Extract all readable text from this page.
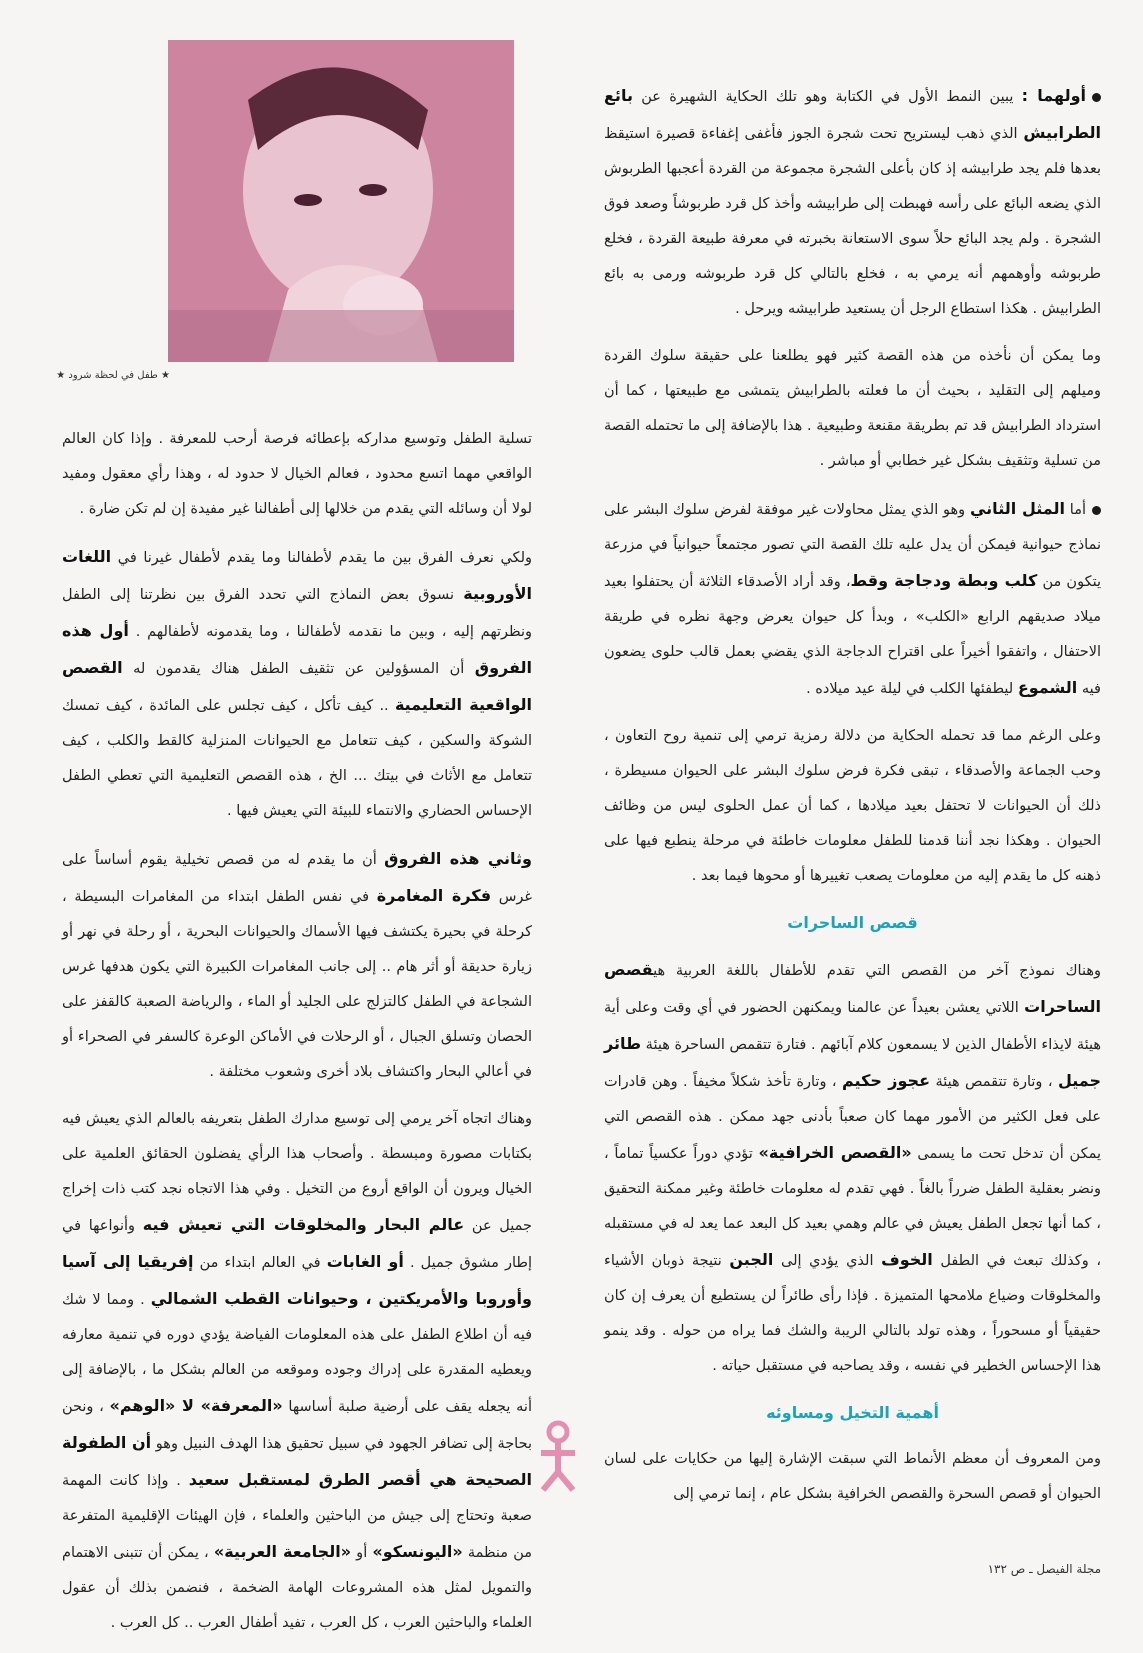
★ طفل في لحظة شرود ★

أولهما : يبين النمط الأول في الكتابة وهو تلك الحكاية الشهيرة عن بائع الطرابيش الذي ذهب ليستريح تحت شجرة الجوز فأغفى إغفاءة قصيرة استيقظ بعدها فلم يجد طرابيشه إذ كان بأعلى الشجرة مجموعة من القردة أعجبها الطربوش الذي يضعه البائع على رأسه فهبطت إلى طرابيشه وأخذ كل قرد طربوشاً وصعد فوق الشجرة . ولم يجد البائع حلاً سوى الاستعانة بخبرته في معرفة طبيعة القردة ، فخلع طربوشه وأوهمهم أنه يرمي به ، فخلع بالتالي كل قرد طربوشه ورمى به بائع الطرابيش . هكذا استطاع الرجل أن يستعيد طرابيشه ويرحل .

وما يمكن أن نأخذه من هذه القصة كثير فهو يطلعنا على حقيقة سلوك القردة وميلهم إلى التقليد ، بحيث أن ما فعلته بالطرابيش يتمشى مع طبيعتها ، كما أن استرداد الطرابيش قد تم بطريقة مقنعة وطبيعية . هذا بالإضافة إلى ما تحتمله القصة من تسلية وتثقيف بشكل غير خطابي أو مباشر .

أما المثل الثاني وهو الذي يمثل محاولات غير موفقة لفرض سلوك البشر على نماذج حيوانية فيمكن أن يدل عليه تلك القصة التي تصور مجتمعاً حيوانياً في مزرعة يتكون من كلب وبطة ودجاجة وقط، وقد أراد الأصدقاء الثلاثة أن يحتفلوا بعيد ميلاد صديقهم الرابع «الكلب» ، وبدأ كل حيوان يعرض وجهة نظره في طريقة الاحتفال ، واتفقوا أخيراً على اقتراح الدجاجة الذي يقضي بعمل قالب حلوى يضعون فيه الشموع ليطفئها الكلب في ليلة عيد ميلاده .

وعلى الرغم مما قد تحمله الحكاية من دلالة رمزية ترمي إلى تنمية روح التعاون ، وحب الجماعة والأصدقاء ، تبقى فكرة فرض سلوك البشر على الحيوان مسيطرة ، ذلك أن الحيوانات لا تحتفل بعيد ميلادها ، كما أن عمل الحلوى ليس من وظائف الحيوان . وهكذا نجد أننا قدمنا للطفل معلومات خاطئة في مرحلة ينطبع فيها على ذهنه كل ما يقدم إليه من معلومات يصعب تغييرها أو محوها فيما بعد .

قصص الساحرات

وهناك نموذج آخر من القصص التي تقدم للأطفال باللغة العربية هيقصص الساحرات اللاتي يعشن بعيداً عن عالمنا ويمكنهن الحضور في أي وقت وعلى أية هيئة لايذاء الأطفال الذين لا يسمعون كلام آبائهم . فتارة تتقمص الساحرة هيئة طائر جميل ، وتارة تتقمص هيئة عجوز حكيم ، وتارة تأخذ شكلاً مخيفاً . وهن قادرات على فعل الكثير من الأمور مهما كان صعباً بأدنى جهد ممكن . هذه القصص التي يمكن أن تدخل تحت ما يسمى «القصص الخرافية» تؤدي دوراً عكسياً تماماً ، ونضر بعقلية الطفل ضرراً بالغاً . فهي تقدم له معلومات خاطئة وغير ممكنة التحقيق ، كما أنها تجعل الطفل يعيش في عالم وهمي بعيد كل البعد عما يعد له في مستقبله ، وكذلك تبعث في الطفل الخوف الذي يؤدي إلى الجبن نتيجة ذوبان الأشياء والمخلوقات وضياع ملامحها المتميزة . فإذا رأى طائراً لن يستطيع أن يعرف إن كان حقيقياً أو مسحوراً ، وهذه تولد بالتالي الريبة والشك فما يراه من حوله . وقد ينمو هذا الإحساس الخطير في نفسه ، وقد يصاحبه في مستقبل حياته .

أهمية التخيل ومساوئه

ومن المعروف أن معظم الأنماط التي سبقت الإشارة إليها من حكايات على لسان الحيوان أو قصص السحرة والقصص الخرافية بشكل عام ، إنما ترمي إلى

تسلية الطفل وتوسيع مداركه بإعطائه فرصة أرحب للمعرفة . وإذا كان العالم الواقعي مهما اتسع محدود ، فعالم الخيال لا حدود له ، وهذا رأي معقول ومفيد لولا أن وسائله التي يقدم من خلالها إلى أطفالنا غير مفيدة إن لم تكن ضارة .

ولكي نعرف الفرق بين ما يقدم لأطفالنا وما يقدم لأطفال غيرنا في اللغات الأوروبية نسوق بعض النماذج التي تحدد الفرق بين نظرتنا إلى الطفل ونظرتهم إليه ، وبين ما نقدمه لأطفالنا ، وما يقدمونه لأطفالهم . أول هذه الفروق أن المسؤولين عن تثقيف الطفل هناك يقدمون له القصص الواقعية التعليمية .. كيف تأكل ، كيف تجلس على المائدة ، كيف تمسك الشوكة والسكين ، كيف تتعامل مع الحيوانات المنزلية كالقط والكلب ، كيف تتعامل مع الأثاث في بيتك ... الخ ، هذه القصص التعليمية التي تعطي الطفل الإحساس الحضاري والانتماء للبيئة التي يعيش فيها .

وثاني هذه الفروق أن ما يقدم له من قصص تخيلية يقوم أساساً على غرس فكرة المغامرة في نفس الطفل ابتداء من المغامرات البسيطة ، كرحلة في بحيرة يكتشف فيها الأسماك والحيوانات البحرية ، أو رحلة في نهر أو زيارة حديقة أو أثر هام .. إلى جانب المغامرات الكبيرة التي يكون هدفها غرس الشجاعة في الطفل كالتزلج على الجليد أو الماء ، والرياضة الصعبة كالقفز على الحصان وتسلق الجبال ، أو الرحلات في الأماكن الوعرة كالسفر في الصحراء أو في أعالي البحار واكتشاف بلاد أخرى وشعوب مختلفة .

وهناك اتجاه آخر يرمي إلى توسيع مدارك الطفل بتعريفه بالعالم الذي يعيش فيه بكتابات مصورة ومبسطة . وأصحاب هذا الرأي يفضلون الحقائق العلمية على الخيال ويرون أن الواقع أروع من التخيل . وفي هذا الاتجاه نجد كتب ذات إخراج جميل عن عالم البحار والمخلوقات التي تعيش فيه وأنواعها في إطار مشوق جميل . أو الغابات في العالم ابتداء من إفريقيا إلى آسيا وأوروبا والأمريكتين ، وحيوانات القطب الشمالي . ومما لا شك فيه أن اطلاع الطفل على هذه المعلومات الفياضة يؤدي دوره في تنمية معارفه ويعطيه المقدرة على إدراك وجوده وموقعه من العالم بشكل ما ، بالإضافة إلى أنه يجعله يقف على أرضية صلبة أساسها «المعرفة» لا «الوهم» ، ونحن بحاجة إلى تضافر الجهود في سبيل تحقيق هذا الهدف النبيل وهو أن الطفولة الصحيحة هي أقصر الطرق لمستقبل سعيد . وإذا كانت المهمة صعبة وتحتاج إلى جيش من الباحثين والعلماء ، فإن الهيئات الإقليمية المتفرعة من منظمة «اليونسكو» أو «الجامعة العربية» ، يمكن أن تتبنى الاهتمام والتمويل لمثل هذه المشروعات الهامة الضخمة ، فنضمن بذلك أن عقول العلماء والباحثين العرب ، كل العرب ، تفيد أطفال العرب .. كل العرب .

مجلة الفيصل ـ ص ١٣٢
